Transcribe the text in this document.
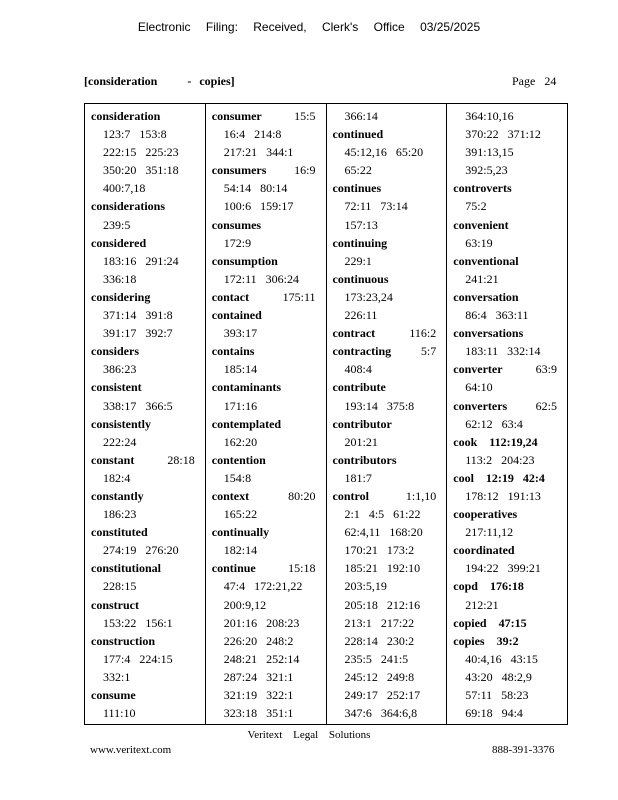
Electronic Filing: Received, Clerk's Office 03/25/2025
[consideration	- copies]	Page 24
consideration
123:7   153:8
222:15   225:23
350:20   351:18
400:7,18
considerations
239:5
considered
183:16   291:24
336:18
considering
371:14   391:8
391:17   392:7
considers
386:23
consistent
338:17   366:5
consistently
222:24
constant	28:18
182:4
constantly
186:23
constituted
274:19   276:20
constitutional
228:15
construct
153:22   156:1
construction
177:4   224:15
332:1
consume
111:10
consumer	15:5
16:4   214:8
217:21   344:1
consumers 16:9
54:14   80:14
100:6   159:17
consumes
172:9
consumption
172:11   306:24
contact	175:11
contained
393:17
contains
185:14
contaminants
171:16
contemplated
162:20
contention
154:8
context	80:20
165:22
continually
182:14
continue	15:18
47:4   172:21,22
200:9,12
201:16   208:23
226:20   248:2
248:21   252:14
287:24   321:1
321:19   322:1
323:18   351:1
366:14
continued
45:12,16   65:20
65:22
continues
72:11   73:14
157:13
continuing
229:1
continuous
173:23,24
226:11
contract	116:2
contracting 5:7
408:4
contribute
193:14   375:8
contributor
201:21
contributors
181:7
control	1:1,10
2:1   4:5   61:22
62:4,11   168:20
170:21   173:2
185:21   192:10
203:5,19
205:18   212:16
213:1   217:22
228:14   230:2
235:5   241:5
245:12   249:8
249:17   252:17
347:6   364:6,8
364:10,16
370:22   371:12
391:13,15
392:5,23
controverts
75:2
convenient
63:19
conventional
241:21
conversation
86:4   363:11
conversations
183:11   332:14
converter	63:9
64:10
converters 62:5
62:12   63:4
cook 112:19,24
113:2   204:23
cool 12:19   42:4
178:12   191:13
cooperatives
217:11,12
coordinated
194:22   399:21
copd 176:18
212:21
copied 47:15
copies 39:2
40:4,16   43:15
43:20   48:2,9
57:11   58:23
69:18   94:4
Veritext Legal Solutions
www.veritext.com	888-391-3376
